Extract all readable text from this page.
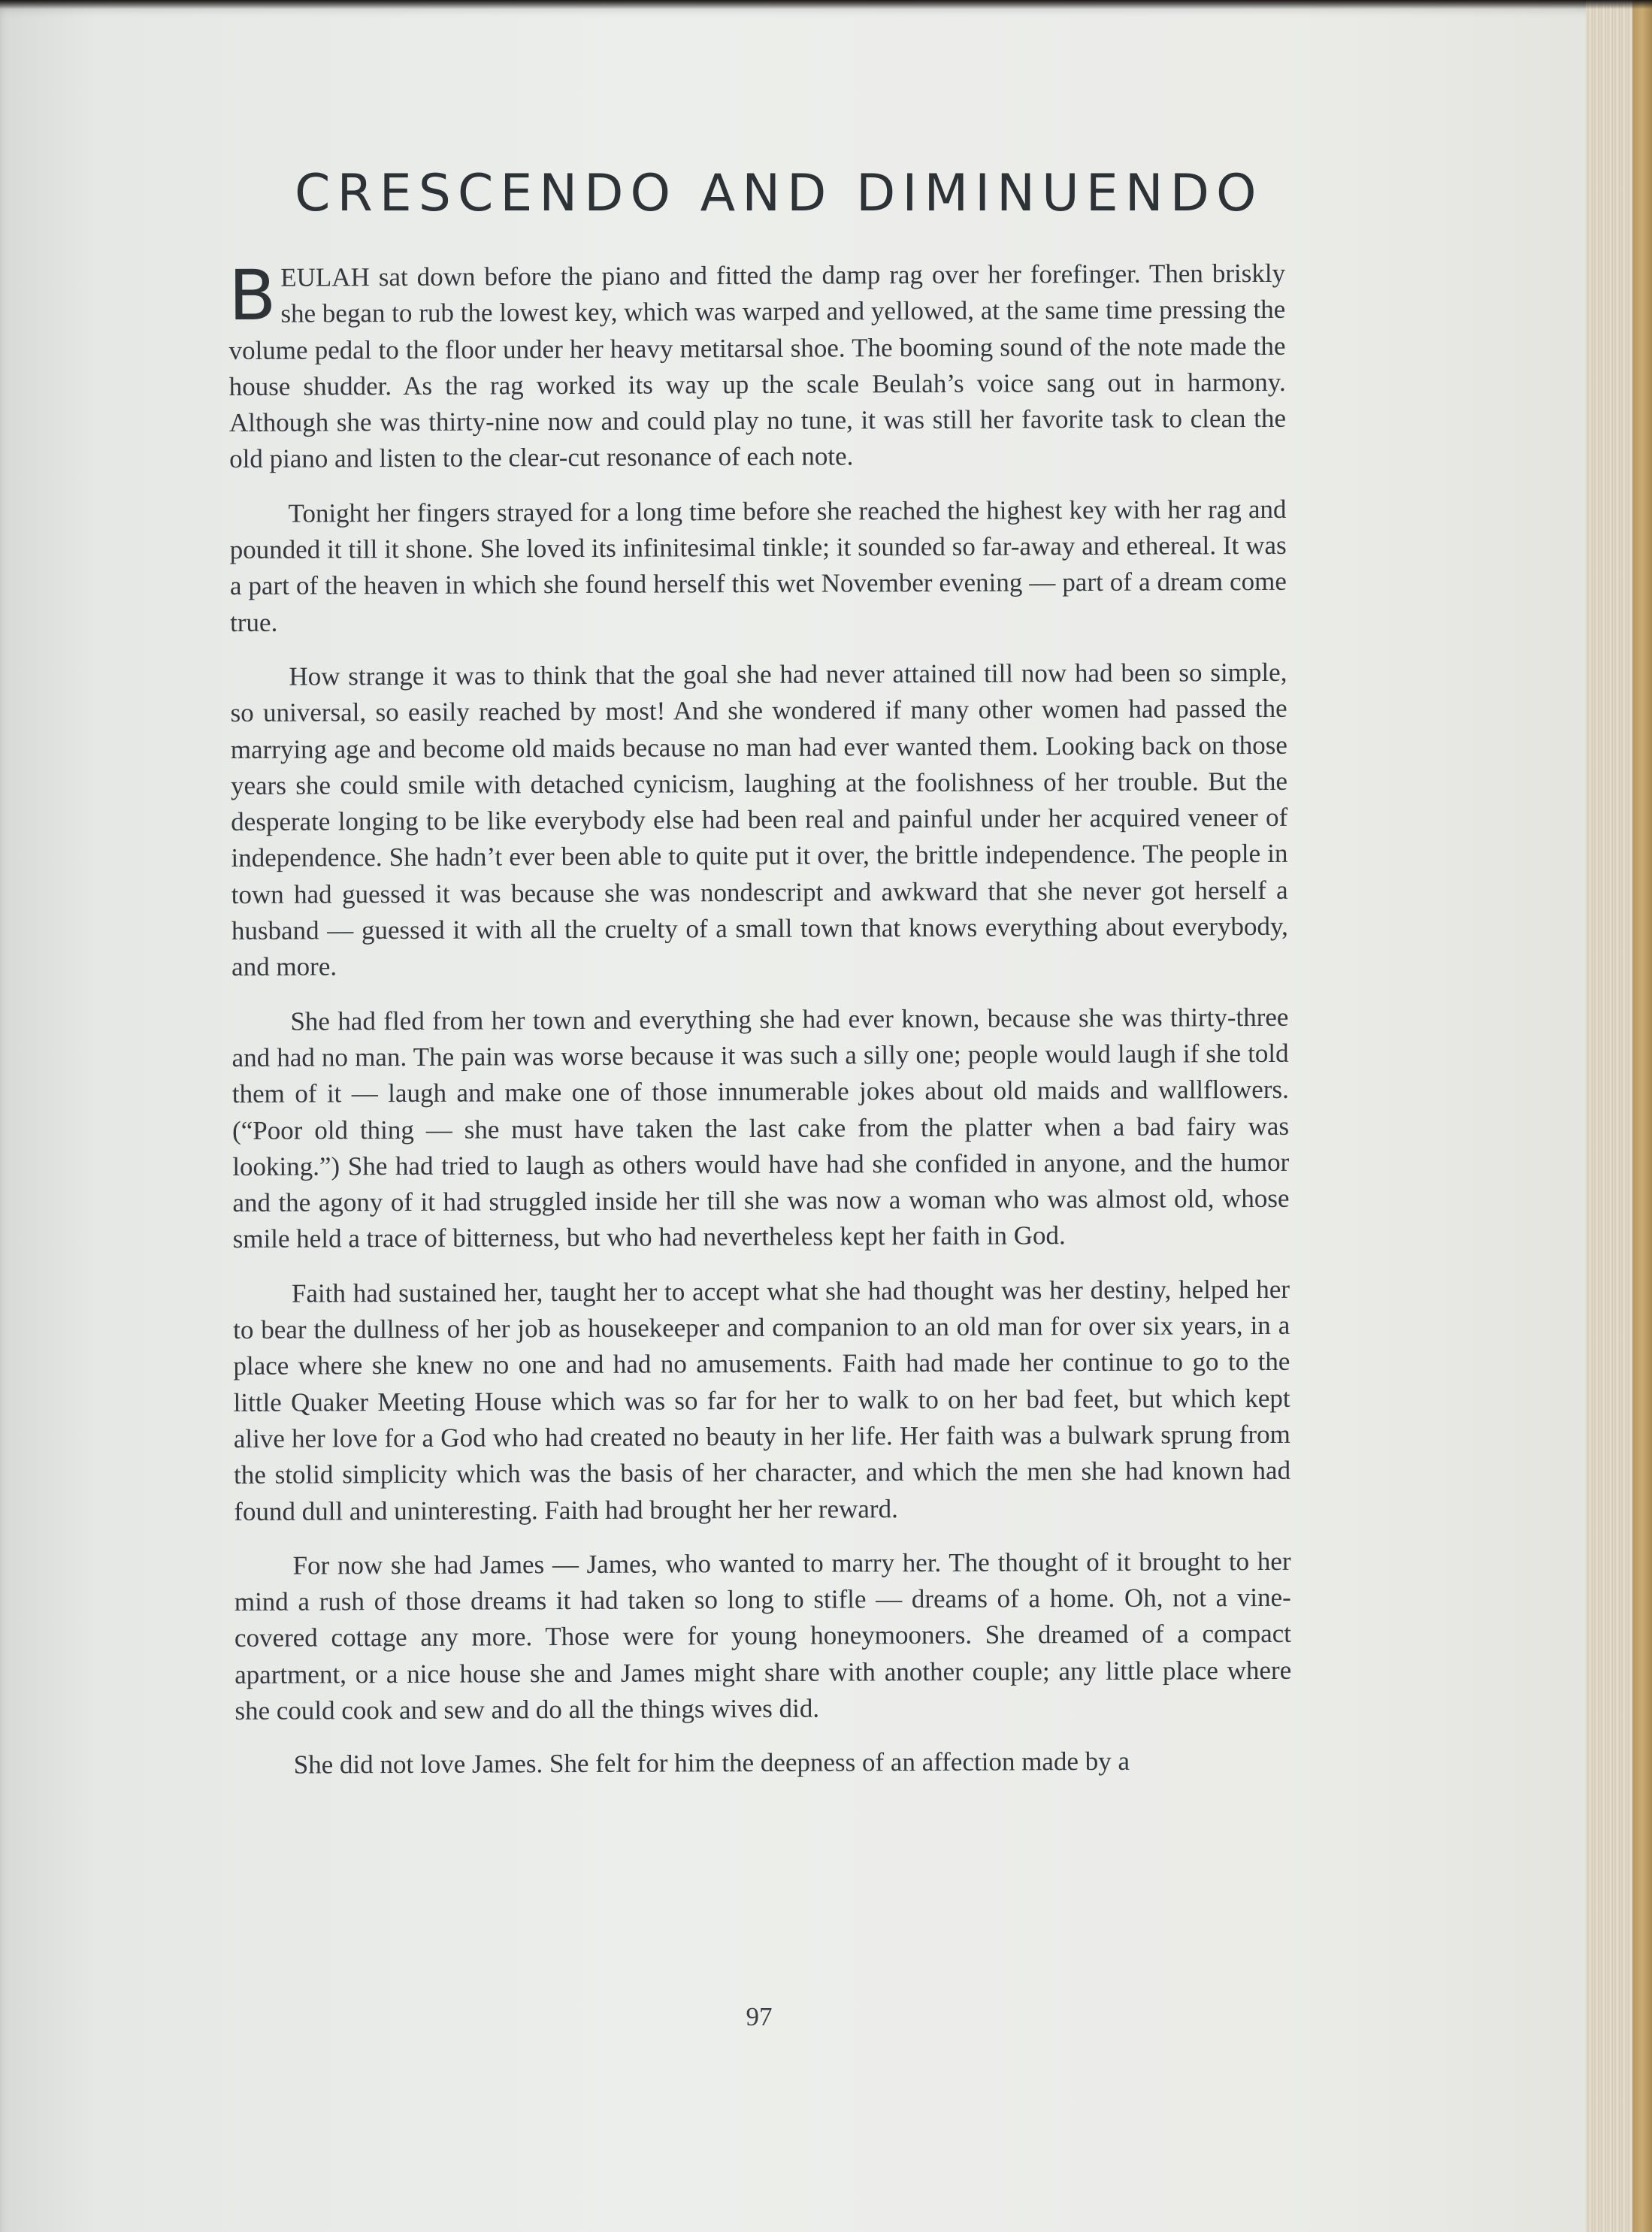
CRESCENDO AND DIMINUENDO

BEULAH sat down before the piano and fitted the damp rag over her forefinger. Then briskly she began to rub the lowest key, which was warped and yellowed, at the same time pressing the volume pedal to the floor under her heavy metitarsal shoe. The booming sound of the note made the house shudder. As the rag worked its way up the scale Beulah’s voice sang out in harmony. Although she was thirty-nine now and could play no tune, it was still her favorite task to clean the old piano and listen to the clear-cut resonance of each note.

Tonight her fingers strayed for a long time before she reached the highest key with her rag and pounded it till it shone. She loved its infinitesimal tinkle; it sounded so far-away and ethereal. It was a part of the heaven in which she found herself this wet November evening — part of a dream come true.

How strange it was to think that the goal she had never attained till now had been so simple, so universal, so easily reached by most! And she wondered if many other women had passed the marrying age and become old maids because no man had ever wanted them. Looking back on those years she could smile with detached cynicism, laughing at the foolishness of her trouble. But the desperate longing to be like everybody else had been real and painful under her acquired veneer of independence. She hadn’t ever been able to quite put it over, the brittle independence. The people in town had guessed it was because she was nondescript and awkward that she never got herself a husband — guessed it with all the cruelty of a small town that knows everything about everybody, and more.

She had fled from her town and everything she had ever known, because she was thirty-three and had no man. The pain was worse because it was such a silly one; people would laugh if she told them of it — laugh and make one of those innumerable jokes about old maids and wallflowers. (“Poor old thing — she must have taken the last cake from the platter when a bad fairy was looking.”) She had tried to laugh as others would have had she confided in anyone, and the humor and the agony of it had struggled inside her till she was now a woman who was almost old, whose smile held a trace of bitterness, but who had nevertheless kept her faith in God.

Faith had sustained her, taught her to accept what she had thought was her destiny, helped her to bear the dullness of her job as housekeeper and companion to an old man for over six years, in a place where she knew no one and had no amusements. Faith had made her continue to go to the little Quaker Meeting House which was so far for her to walk to on her bad feet, but which kept alive her love for a God who had created no beauty in her life. Her faith was a bulwark sprung from the stolid simplicity which was the basis of her character, and which the men she had known had found dull and uninteresting. Faith had brought her her reward.

For now she had James — James, who wanted to marry her. The thought of it brought to her mind a rush of those dreams it had taken so long to stifle — dreams of a home. Oh, not a vine-covered cottage any more. Those were for young honeymooners. She dreamed of a compact apartment, or a nice house she and James might share with another couple; any little place where she could cook and sew and do all the things wives did.

She did not love James. She felt for him the deepness of an affection made by a

97
